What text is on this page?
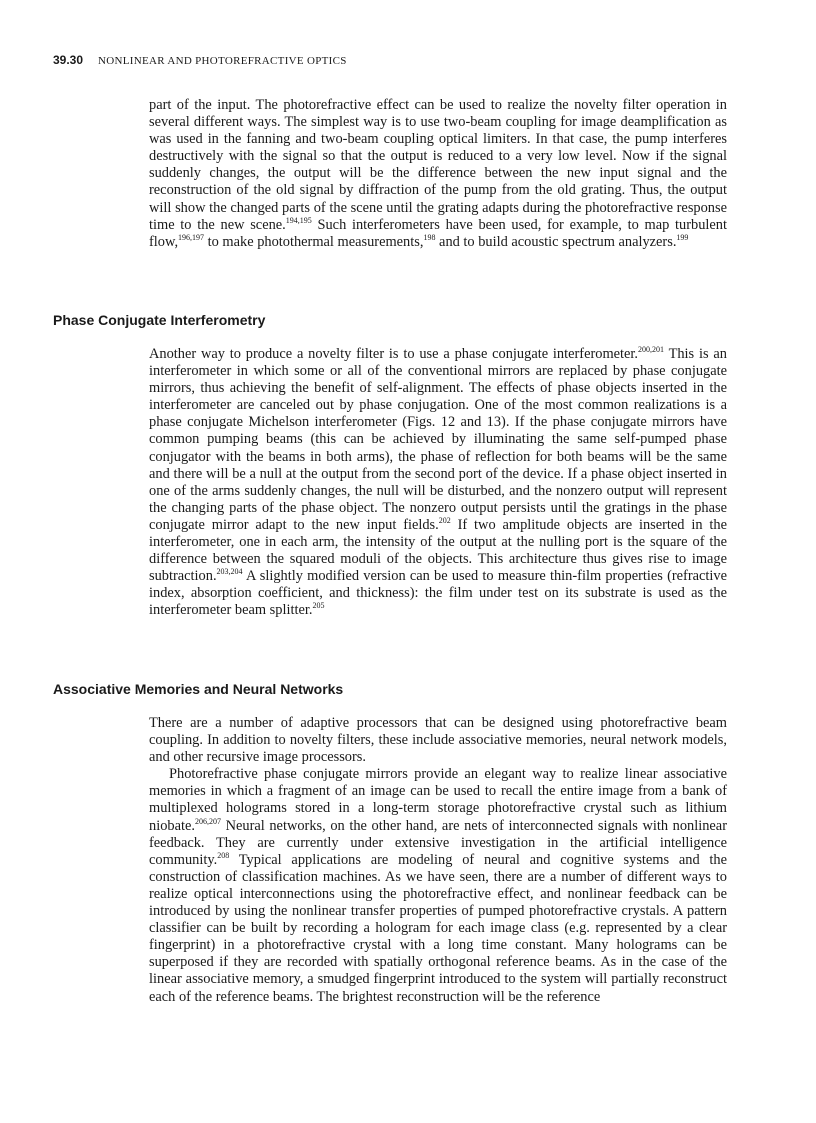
39.30 NONLINEAR AND PHOTOREFRACTIVE OPTICS

part of the input. The photorefractive effect can be used to realize the novelty filter operation in several different ways. The simplest way is to use two-beam coupling for image deamplification as was used in the fanning and two-beam coupling optical limiters. In that case, the pump interferes destructively with the signal so that the output is reduced to a very low level. Now if the signal suddenly changes, the output will be the difference between the new input signal and the reconstruction of the old signal by diffraction of the pump from the old grating. Thus, the output will show the changed parts of the scene until the grating adapts during the photorefractive response time to the new scene.$^{194,195}$ Such interferometers have been used, for example, to map turbulent flow,$^{196,197}$ to make photothermal measurements,$^{198}$ and to build acoustic spectrum analyzers.$^{199}$

Phase Conjugate Interferometry

Another way to produce a novelty filter is to use a phase conjugate interferometer.$^{200,201}$ This is an interferometer in which some or all of the conventional mirrors are replaced by phase conjugate mirrors, thus achieving the benefit of self-alignment. The effects of phase objects inserted in the interferometer are canceled out by phase conjugation. One of the most common realizations is a phase conjugate Michelson interferometer (Figs. 12 and 13). If the phase conjugate mirrors have common pumping beams (this can be achieved by illuminating the same self-pumped phase conjugator with the beams in both arms), the phase of reflection for both beams will be the same and there will be a null at the output from the second port of the device. If a phase object inserted in one of the arms suddenly changes, the null will be disturbed, and the nonzero output will represent the changing parts of the phase object. The nonzero output persists until the gratings in the phase conjugate mirror adapt to the new input fields.$^{202}$ If two amplitude objects are inserted in the interferometer, one in each arm, the intensity of the output at the nulling port is the square of the difference between the squared moduli of the objects. This architecture thus gives rise to image subtraction.$^{203,204}$ A slightly modified version can be used to measure thin-film properties (refractive index, absorption coefficient, and thickness): the film under test on its substrate is used as the interferometer beam splitter.$^{205}$

Associative Memories and Neural Networks

There are a number of adaptive processors that can be designed using photorefractive beam coupling. In addition to novelty filters, these include associative memories, neural network models, and other recursive image processors.

Photorefractive phase conjugate mirrors provide an elegant way to realize linear associative memories in which a fragment of an image can be used to recall the entire image from a bank of multiplexed holograms stored in a long-term storage photorefractive crystal such as lithium niobate.$^{206,207}$ Neural networks, on the other hand, are nets of interconnected signals with nonlinear feedback. They are currently under extensive investigation in the artificial intelligence community.$^{208}$ Typical applications are modeling of neural and cognitive systems and the construction of classification machines. As we have seen, there are a number of different ways to realize optical interconnections using the photorefractive effect, and nonlinear feedback can be introduced by using the nonlinear transfer properties of pumped photorefractive crystals. A pattern classifier can be built by recording a hologram for each image class (e.g. represented by a clear fingerprint) in a photorefractive crystal with a long time constant. Many holograms can be superposed if they are recorded with spatially orthogonal reference beams. As in the case of the linear associative memory, a smudged fingerprint introduced to the system will partially reconstruct each of the reference beams. The brightest reconstruction will be the reference
